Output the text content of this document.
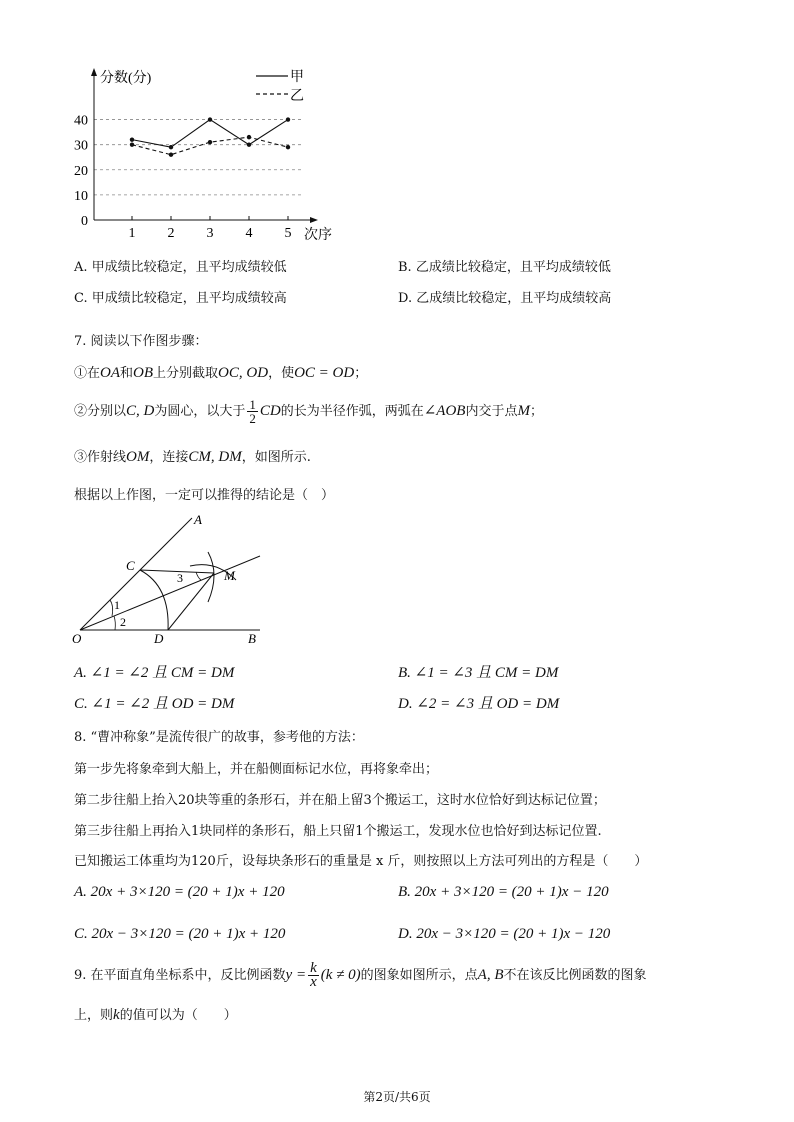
0
10
20
30
40
1 2 3 4 5
分数(分)
次序
甲
乙
A. 甲成绩比较稳定，且平均成绩较低	B. 乙成绩比较稳定，且平均成绩较低
C. 甲成绩比较稳定，且平均成绩较高	D. 乙成绩比较稳定，且平均成绩较高
7. 阅读以下作图步骤：
①在OA和OB上分别截取OC, OD，使OC = OD；
②分别以C, D为圆心，以大于 $\frac{1}{2}$ CD的长为半径作弧，两弧在∠AOB内交于点M；
③作射线OM，连接CM, DM，如图所示.
根据以上作图，一定可以推得的结论是（　）
A
C
M
O	D	B
1
2
3
A. ∠1 = ∠2 且 CM = DM	B. ∠1 = ∠3 且 CM = DM
C. ∠1 = ∠2 且 OD = DM	D. ∠2 = ∠3 且 OD = DM
8. “曹冲称象”是流传很广的故事，参考他的方法：
第一步先将象牵到大船上，并在船侧面标记水位，再将象牵出；
第二步往船上抬入20块等重的条形石，并在船上留3个搬运工，这时水位恰好到达标记位置；
第三步往船上再抬入1块同样的条形石，船上只留1个搬运工，发现水位也恰好到达标记位置.
已知搬运工体重均为120斤，设每块条形石的重量是 x 斤，则按照以上方法可列出的方程是（　　）
A. 20x + 3×120 = (20 + 1)x + 120	B. 20x + 3×120 = (20 + 1)x − 120
C. 20x − 3×120 = (20 + 1)x + 120	D. 20x − 3×120 = (20 + 1)x − 120
9. 在平面直角坐标系中，反比例函数$y = \frac{k}{x} (k \ne 0)$的图象如图所示，点A, B不在该反比例函数的图象
上，则k的值可以为（　　）
第2页/共6页
